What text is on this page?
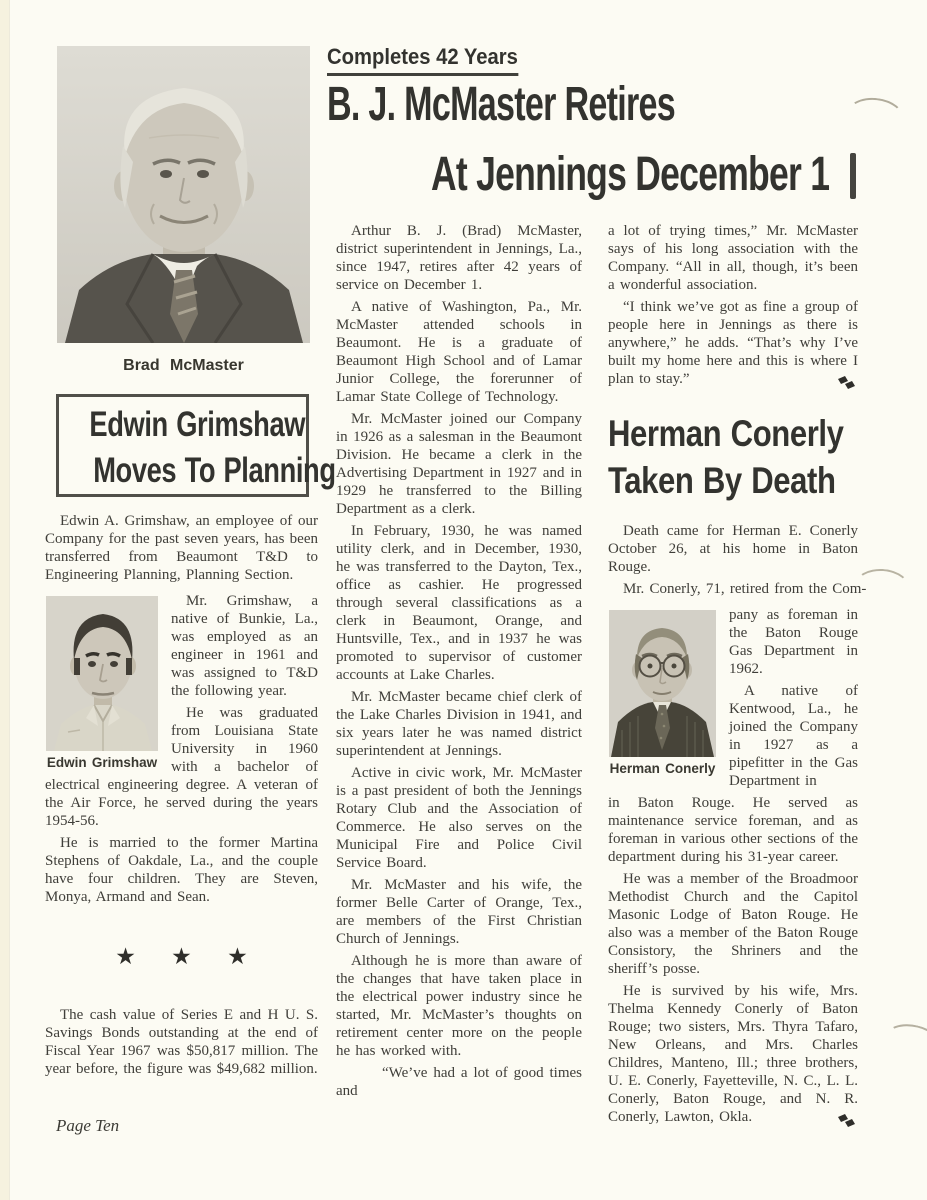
Brad McMaster
Completes 42 Years
B. J. McMaster Retires
At Jennings December 1

Arthur B. J. (Brad) McMaster, district superintendent in Jennings, La., since 1947, retires after 42 years of service on December 1.

A native of Washington, Pa., Mr. McMaster attended schools in Beaumont. He is a graduate of Beaumont High School and of Lamar Junior College, the forerunner of Lamar State College of Technology.

Mr. McMaster joined our Company in 1926 as a salesman in the Beaumont Division. He became a clerk in the Advertising Department in 1927 and in 1929 he transferred to the Billing Department as a clerk.

In February, 1930, he was named utility clerk, and in December, 1930, he was transferred to the Dayton, Tex., office as cashier. He progressed through several classifications as a clerk in Beaumont, Orange, and Huntsville, Tex., and in 1937 he was promoted to supervisor of customer accounts at Lake Charles.

Mr. McMaster became chief clerk of the Lake Charles Division in 1941, and six years later he was named district superintendent at Jennings.

Active in civic work, Mr. McMaster is a past president of both the Jennings Rotary Club and the Association of Commerce. He also serves on the Municipal Fire and Police Civil Service Board.

Mr. McMaster and his wife, the former Belle Carter of Orange, Tex., are members of the First Christian Church of Jennings.

Although he is more than aware of the changes that have taken place in the electrical power industry since he started, Mr. McMaster’s thoughts on retirement center more on the people he has worked with.

“We’ve had a lot of good times and

a lot of trying times,” Mr. McMaster says of his long association with the Company. “All in all, though, it’s been a wonderful association.

“I think we’ve got as fine a group of people here in Jennings as there is anywhere,” he adds. “That’s why I’ve built my home here and this is where I plan to stay.”

Herman Conerly
Taken By Death

Death came for Herman E. Conerly October 26, at his home in Baton Rouge.

Mr. Conerly, 71, retired from the Com-

Herman Conerly

pany as foreman in the Baton Rouge Gas Department in 1962.

A native of Kentwood, La., he joined the Company in 1927 as a pipefitter in the Gas Department in

in Baton Rouge. He served as maintenance service foreman, and as foreman in various other sections of the department during his 31-year career.

He was a member of the Broadmoor Methodist Church and the Capitol Masonic Lodge of Baton Rouge. He also was a member of the Baton Rouge Consistory, the Shriners and the sheriff’s posse.

He is survived by his wife, Mrs. Thelma Kennedy Conerly of Baton Rouge; two sisters, Mrs. Thyra Tafaro, New Orleans, and Mrs. Charles Childres, Manteno, Ill.; three brothers, U. E. Conerly, Fayetteville, N. C., L. L. Conerly, Baton Rouge, and N. R. Conerly, Lawton, Okla.

Edwin Grimshaw
Moves To Planning

Edwin A. Grimshaw, an employee of our Company for the past seven years, has been transferred from Beaumont T&D to Engineering Planning, Planning Section.

Edwin Grimshaw

Mr. Grimshaw, a native of Bunkie, La., was employed as an engineer in 1961 and was assigned to T&D the following year.

He was graduated from Louisiana State University in 1960 with a bachelor of electrical engineering degree. A veteran of the Air Force, he served during the years 1954-56.

He is married to the former Martina Stephens of Oakdale, La., and the couple have four children. They are Steven, Monya, Armand and Sean.

★ ★ ★

The cash value of Series E and H U. S. Savings Bonds outstanding at the end of Fiscal Year 1967 was $50,817 million. The year before, the figure was $49,682 million.

Page Ten
